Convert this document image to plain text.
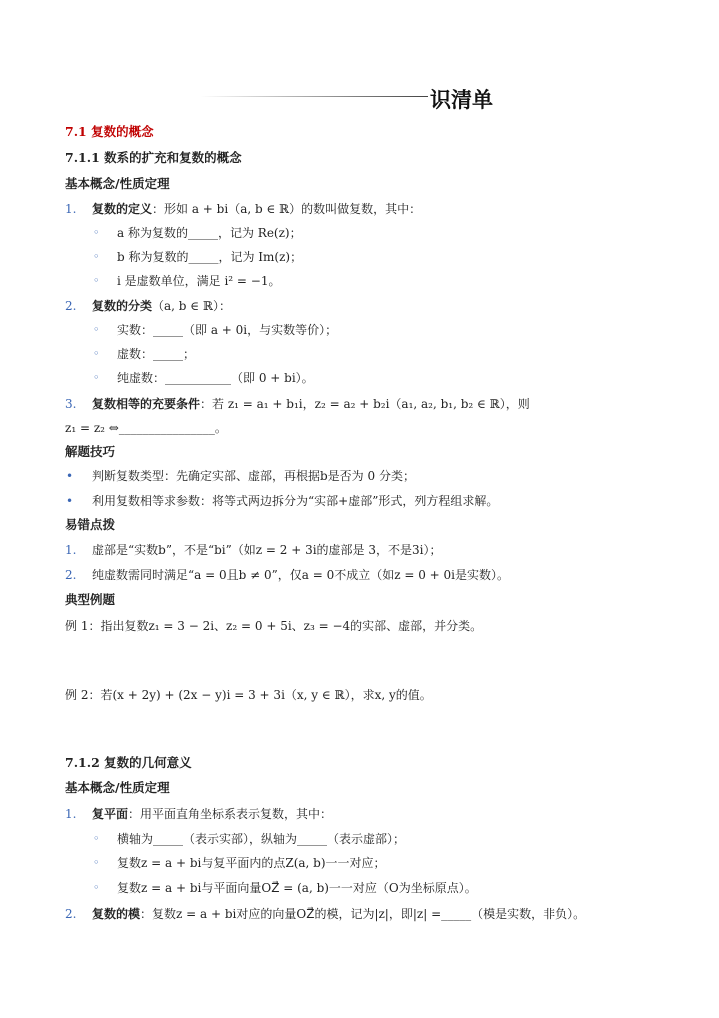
识清单
7.1 复数的概念
7.1.1 数系的扩充和复数的概念
基本概念/性质定理
1. 复数的定义：形如 a + bi（a, b ∈ ℝ）的数叫做复数，其中：
◦ a 称为复数的_____，记为 Re(z)；
◦ b 称为复数的_____，记为 Im(z)；
◦ i 是虚数单位，满足 i² = −1。
2. 复数的分类（a, b ∈ ℝ）：
◦ 实数：_____（即 a + 0i，与实数等价）；
◦ 虚数：_____；
◦ 纯虚数：___________（即 0 + bi）。
3. 复数相等的充要条件：若 z₁ = a₁ + b₁i，z₂ = a₂ + b₂i（a₁, a₂, b₁, b₂ ∈ ℝ），则
z₁ = z₂ ⇔________________。
解题技巧
• 判断复数类型：先确定实部、虚部，再根据b是否为 0 分类；
• 利用复数相等求参数：将等式两边拆分为“实部+虚部”形式，列方程组求解。
易错点拨
1. 虚部是“实数b”，不是“bi”（如z = 2 + 3i的虚部是 3，不是3i）；
2. 纯虚数需同时满足“a = 0且b ≠ 0”，仅a = 0不成立（如z = 0 + 0i是实数）。
典型例题
例 1：指出复数z₁ = 3 − 2i、z₂ = 0 + 5i、z₃ = −4的实部、虚部，并分类。
例 2：若(x + 2y) + (2x − y)i = 3 + 3i（x, y ∈ ℝ），求x, y的值。
7.1.2 复数的几何意义
基本概念/性质定理
1. 复平面：用平面直角坐标系表示复数，其中：
◦ 横轴为_____（表示实部），纵轴为_____（表示虚部）；
◦ 复数z = a + bi与复平面内的点Z(a, b)一一对应；
◦ 复数z = a + bi与平面向量OZ⃗ = (a, b)一一对应（O为坐标原点）。
2. 复数的模：复数z = a + bi对应的向量OZ⃗的模，记为|z|，即|z| =_____（模是实数，非负）。
